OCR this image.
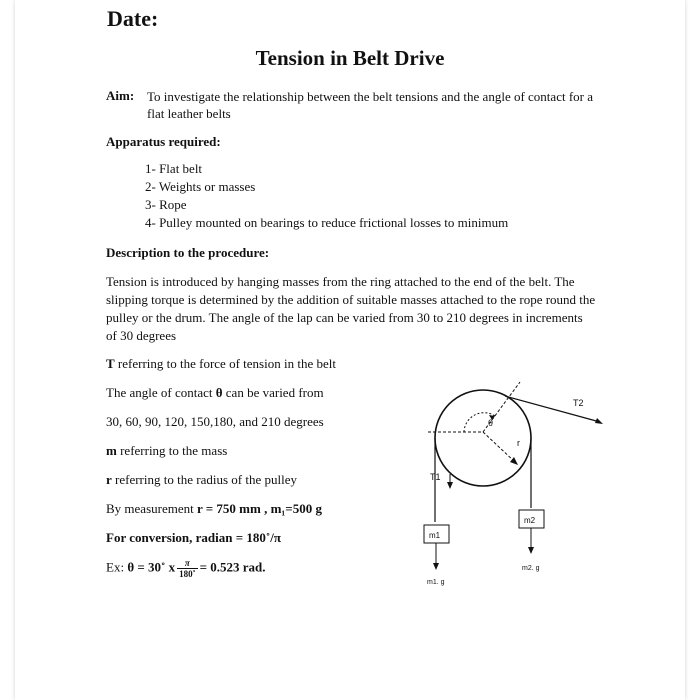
Date:
Tension in Belt Drive
Aim: To investigate the relationship between the belt tensions and the angle of contact for a flat leather belts
Apparatus required:
1- Flat belt
2- Weights or masses
3- Rope
4- Pulley mounted on bearings to reduce frictional losses to minimum
Description to the procedure:
Tension is introduced by hanging masses from the ring attached to the end of the belt. The slipping torque is determined by the addition of suitable masses attached to the rope round the pulley or the drum. The angle of the lap can be varied from 30 to 210 degrees in increments of 30 degrees
T referring to the force of tension in the belt
The angle of contact θ can be varied from
30, 60, 90, 120, 150,180, and 210 degrees
m referring to the mass
r referring to the radius of the pulley
By measurement r = 750 mm , m₁=500 g
For conversion, radian = 180˚/π
Ex: θ = 30˚ x $\frac{\pi}{180˚} = 0.523$ rad.
θ
r
T1
T2
m1
m1. g
m2
m2. g
